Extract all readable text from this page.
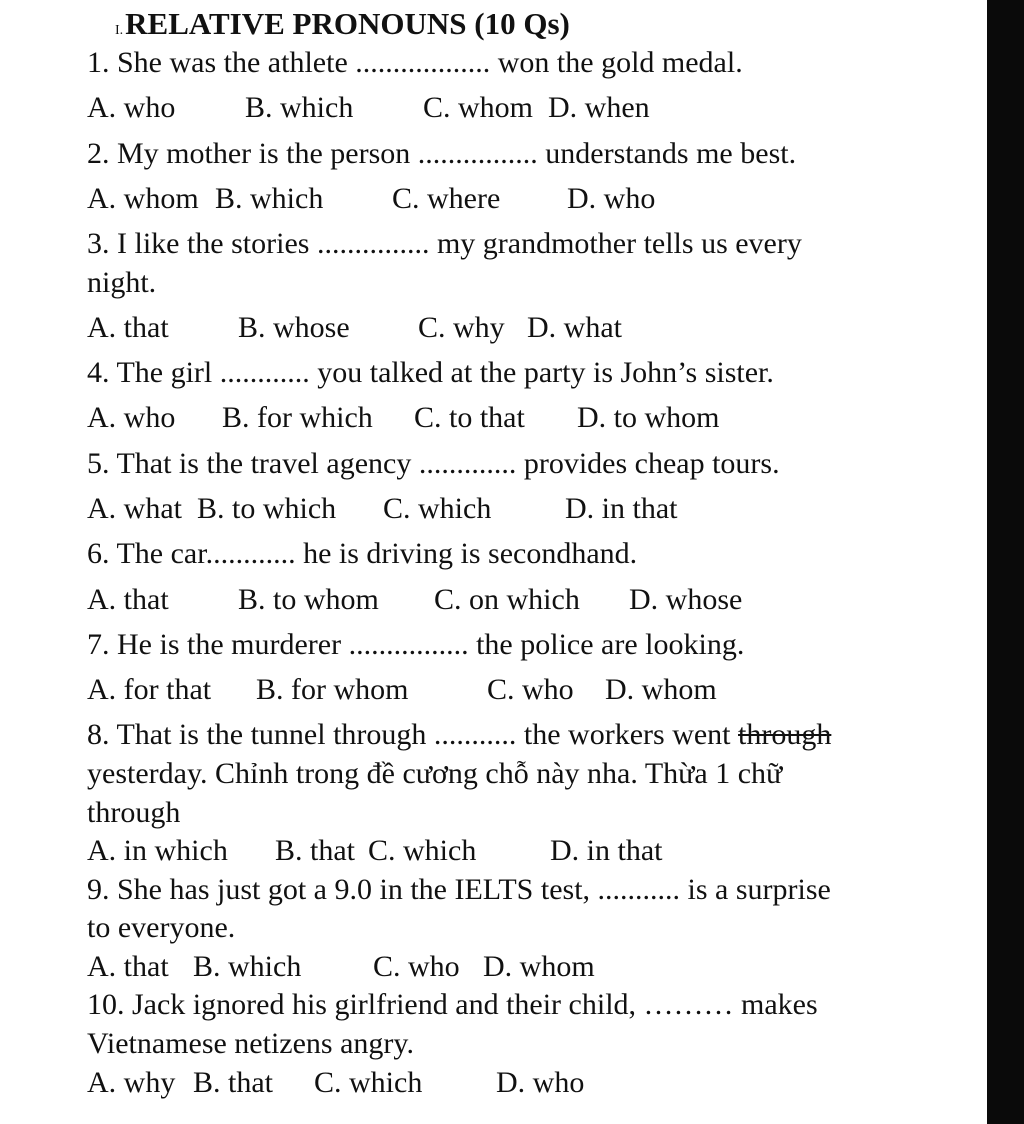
I.RELATIVE PRONOUNS (10 Qs)
1. She was the athlete .................. won the gold medal.
A. who B. which C. whom D. when
2. My mother is the person ................ understands me best.
A. whom B. which C. where D. who
3. I like the stories ............... my grandmother tells us every
night.
A. that B. whose C. why D. what
4. The girl ............ you talked at the party is John’s sister.
A. who B. for which C. to that D. to whom
5. That is the travel agency ............. provides cheap tours.
A. what B. to which C. which D. in that
6. The car............ he is driving is secondhand.
A. that B. to whom C. on which D. whose
7. He is the murderer ................ the police are looking.
A. for that B. for whom	C. who D. whom
8. That is the tunnel through ........... the workers went through
yesterday. Chỉnh trong đề cương chỗ này nha. Thừa 1 chữ
through
A. in which B. that C. which D. in that
9. She has just got a 9.0 in the IELTS test, ........... is a surprise
to everyone.
A. that B. which C. who D. whom
10. Jack ignored his girlfriend and their child, ……… makes
Vietnamese netizens angry.
A. why B. that C. which D. who
